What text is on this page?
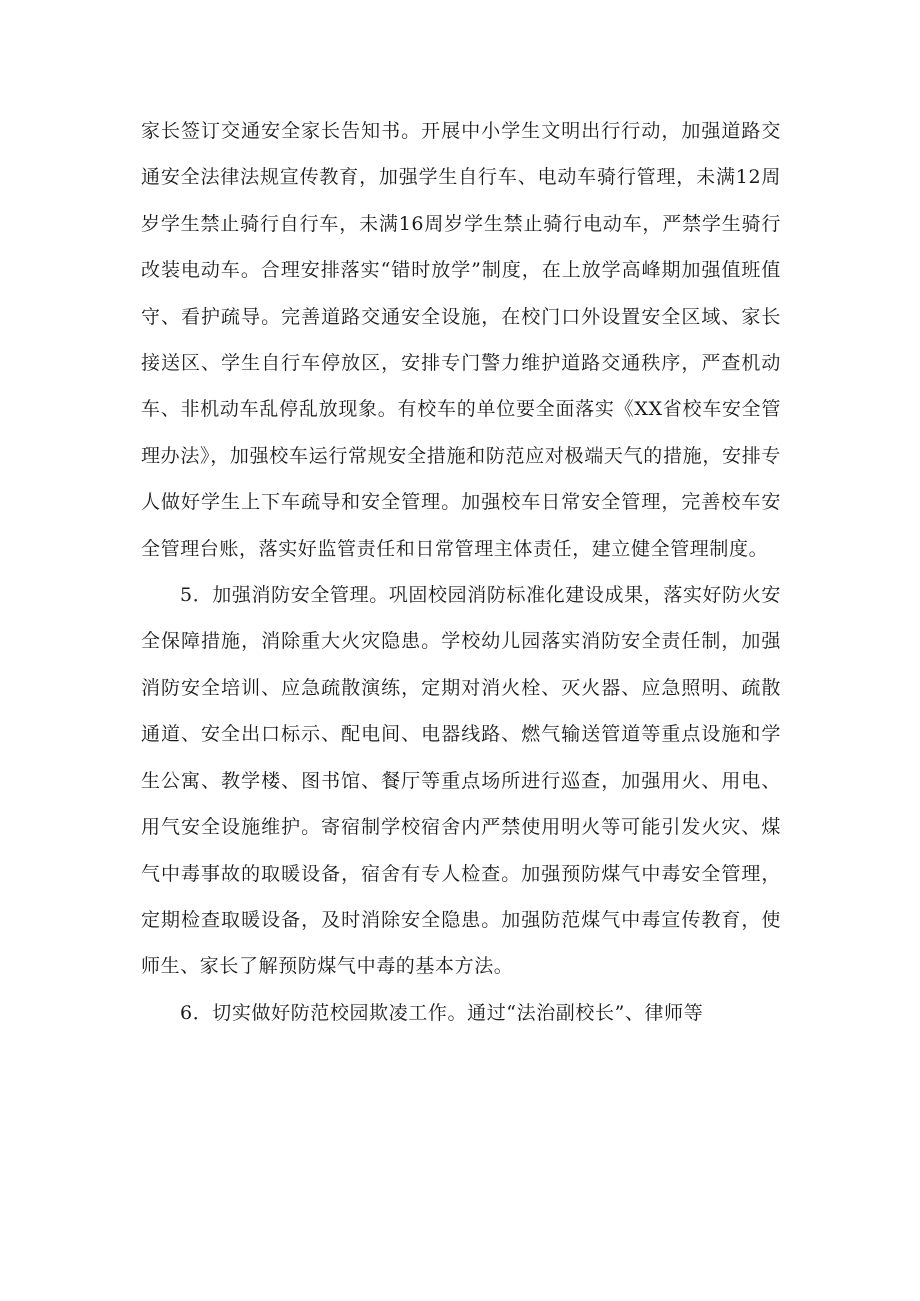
家长签订交通安全家长告知书。开展中小学生文明出行行动，加强道路交通安全法律法规宣传教育，加强学生自行车、电动车骑行管理，未满12周岁学生禁止骑行自行车，未满16周岁学生禁止骑行电动车，严禁学生骑行改装电动车。合理安排落实“错时放学”制度，在上放学高峰期加强值班值守、看护疏导。完善道路交通安全设施，在校门口外设置安全区域、家长接送区、学生自行车停放区，安排专门警力维护道路交通秩序，严查机动车、非机动车乱停乱放现象。有校车的单位要全面落实《XX省校车安全管理办法》，加强校车运行常规安全措施和防范应对极端天气的措施，安排专人做好学生上下车疏导和安全管理。加强校车日常安全管理，完善校车安全管理台账，落实好监管责任和日常管理主体责任，建立健全管理制度。

5．加强消防安全管理。巩固校园消防标准化建设成果，落实好防火安全保障措施，消除重大火灾隐患。学校幼儿园落实消防安全责任制，加强消防安全培训、应急疏散演练，定期对消火栓、灭火器、应急照明、疏散通道、安全出口标示、配电间、电器线路、燃气输送管道等重点设施和学生公寓、教学楼、图书馆、餐厅等重点场所进行巡查，加强用火、用电、用气安全设施维护。寄宿制学校宿舍内严禁使用明火等可能引发火灾、煤气中毒事故的取暖设备，宿舍有专人检查。加强预防煤气中毒安全管理，定期检查取暖设备，及时消除安全隐患。加强防范煤气中毒宣传教育，使师生、家长了解预防煤气中毒的基本方法。

6．切实做好防范校园欺凌工作。通过“法治副校长”、律师等
